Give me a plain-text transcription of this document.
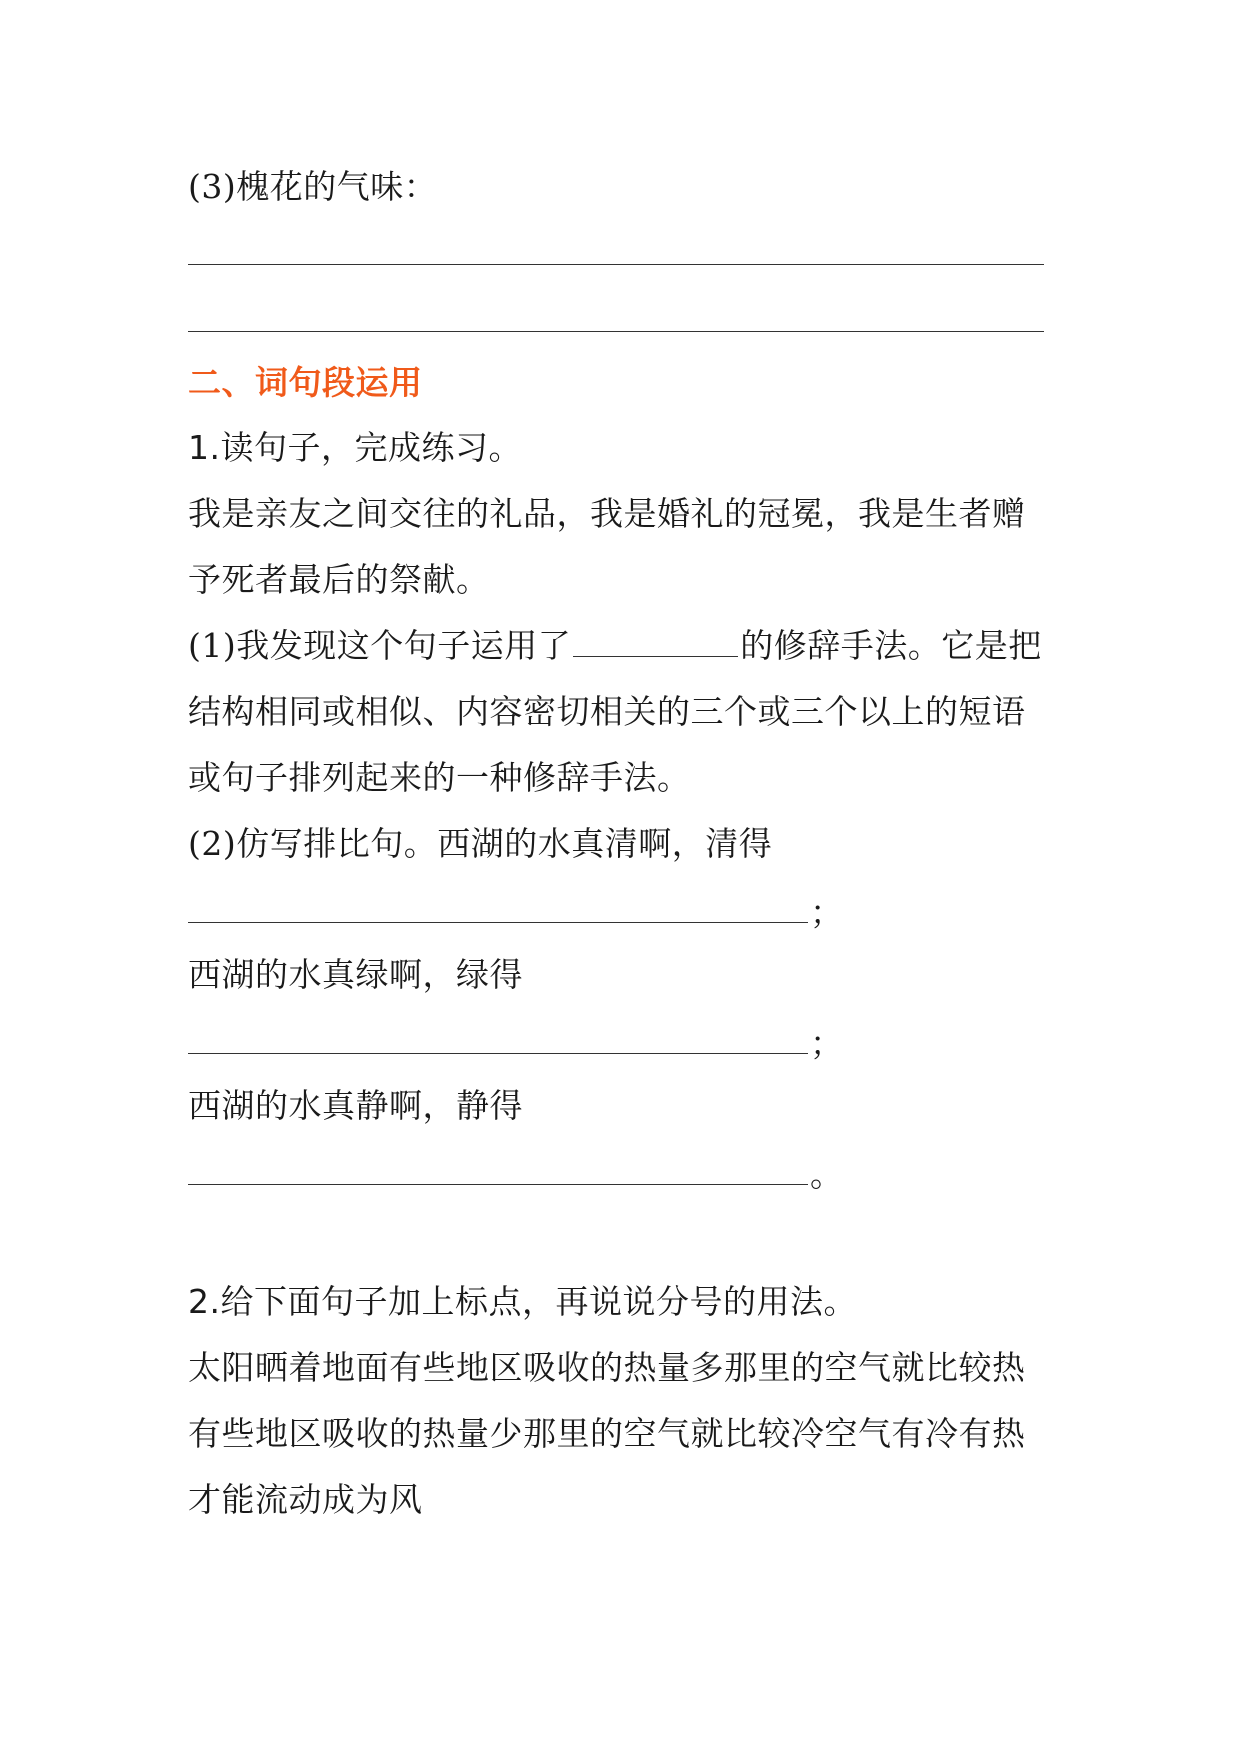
(3)槐花的气味：
二、词句段运用
1.读句子，完成练习。
我是亲友之间交往的礼品，我是婚礼的冠冕，我是生者赠
予死者最后的祭献。
(1)我发现这个句子运用了	的修辞手法。它是把
结构相同或相似、内容密切相关的三个或三个以上的短语
或句子排列起来的一种修辞手法。
(2)仿写排比句。西湖的水真清啊，清得
；
西湖的水真绿啊，绿得
；
西湖的水真静啊，静得
。
2.给下面句子加上标点，再说说分号的用法。
太阳晒着地面有些地区吸收的热量多那里的空气就比较热
有些地区吸收的热量少那里的空气就比较冷空气有冷有热
才能流动成为风
